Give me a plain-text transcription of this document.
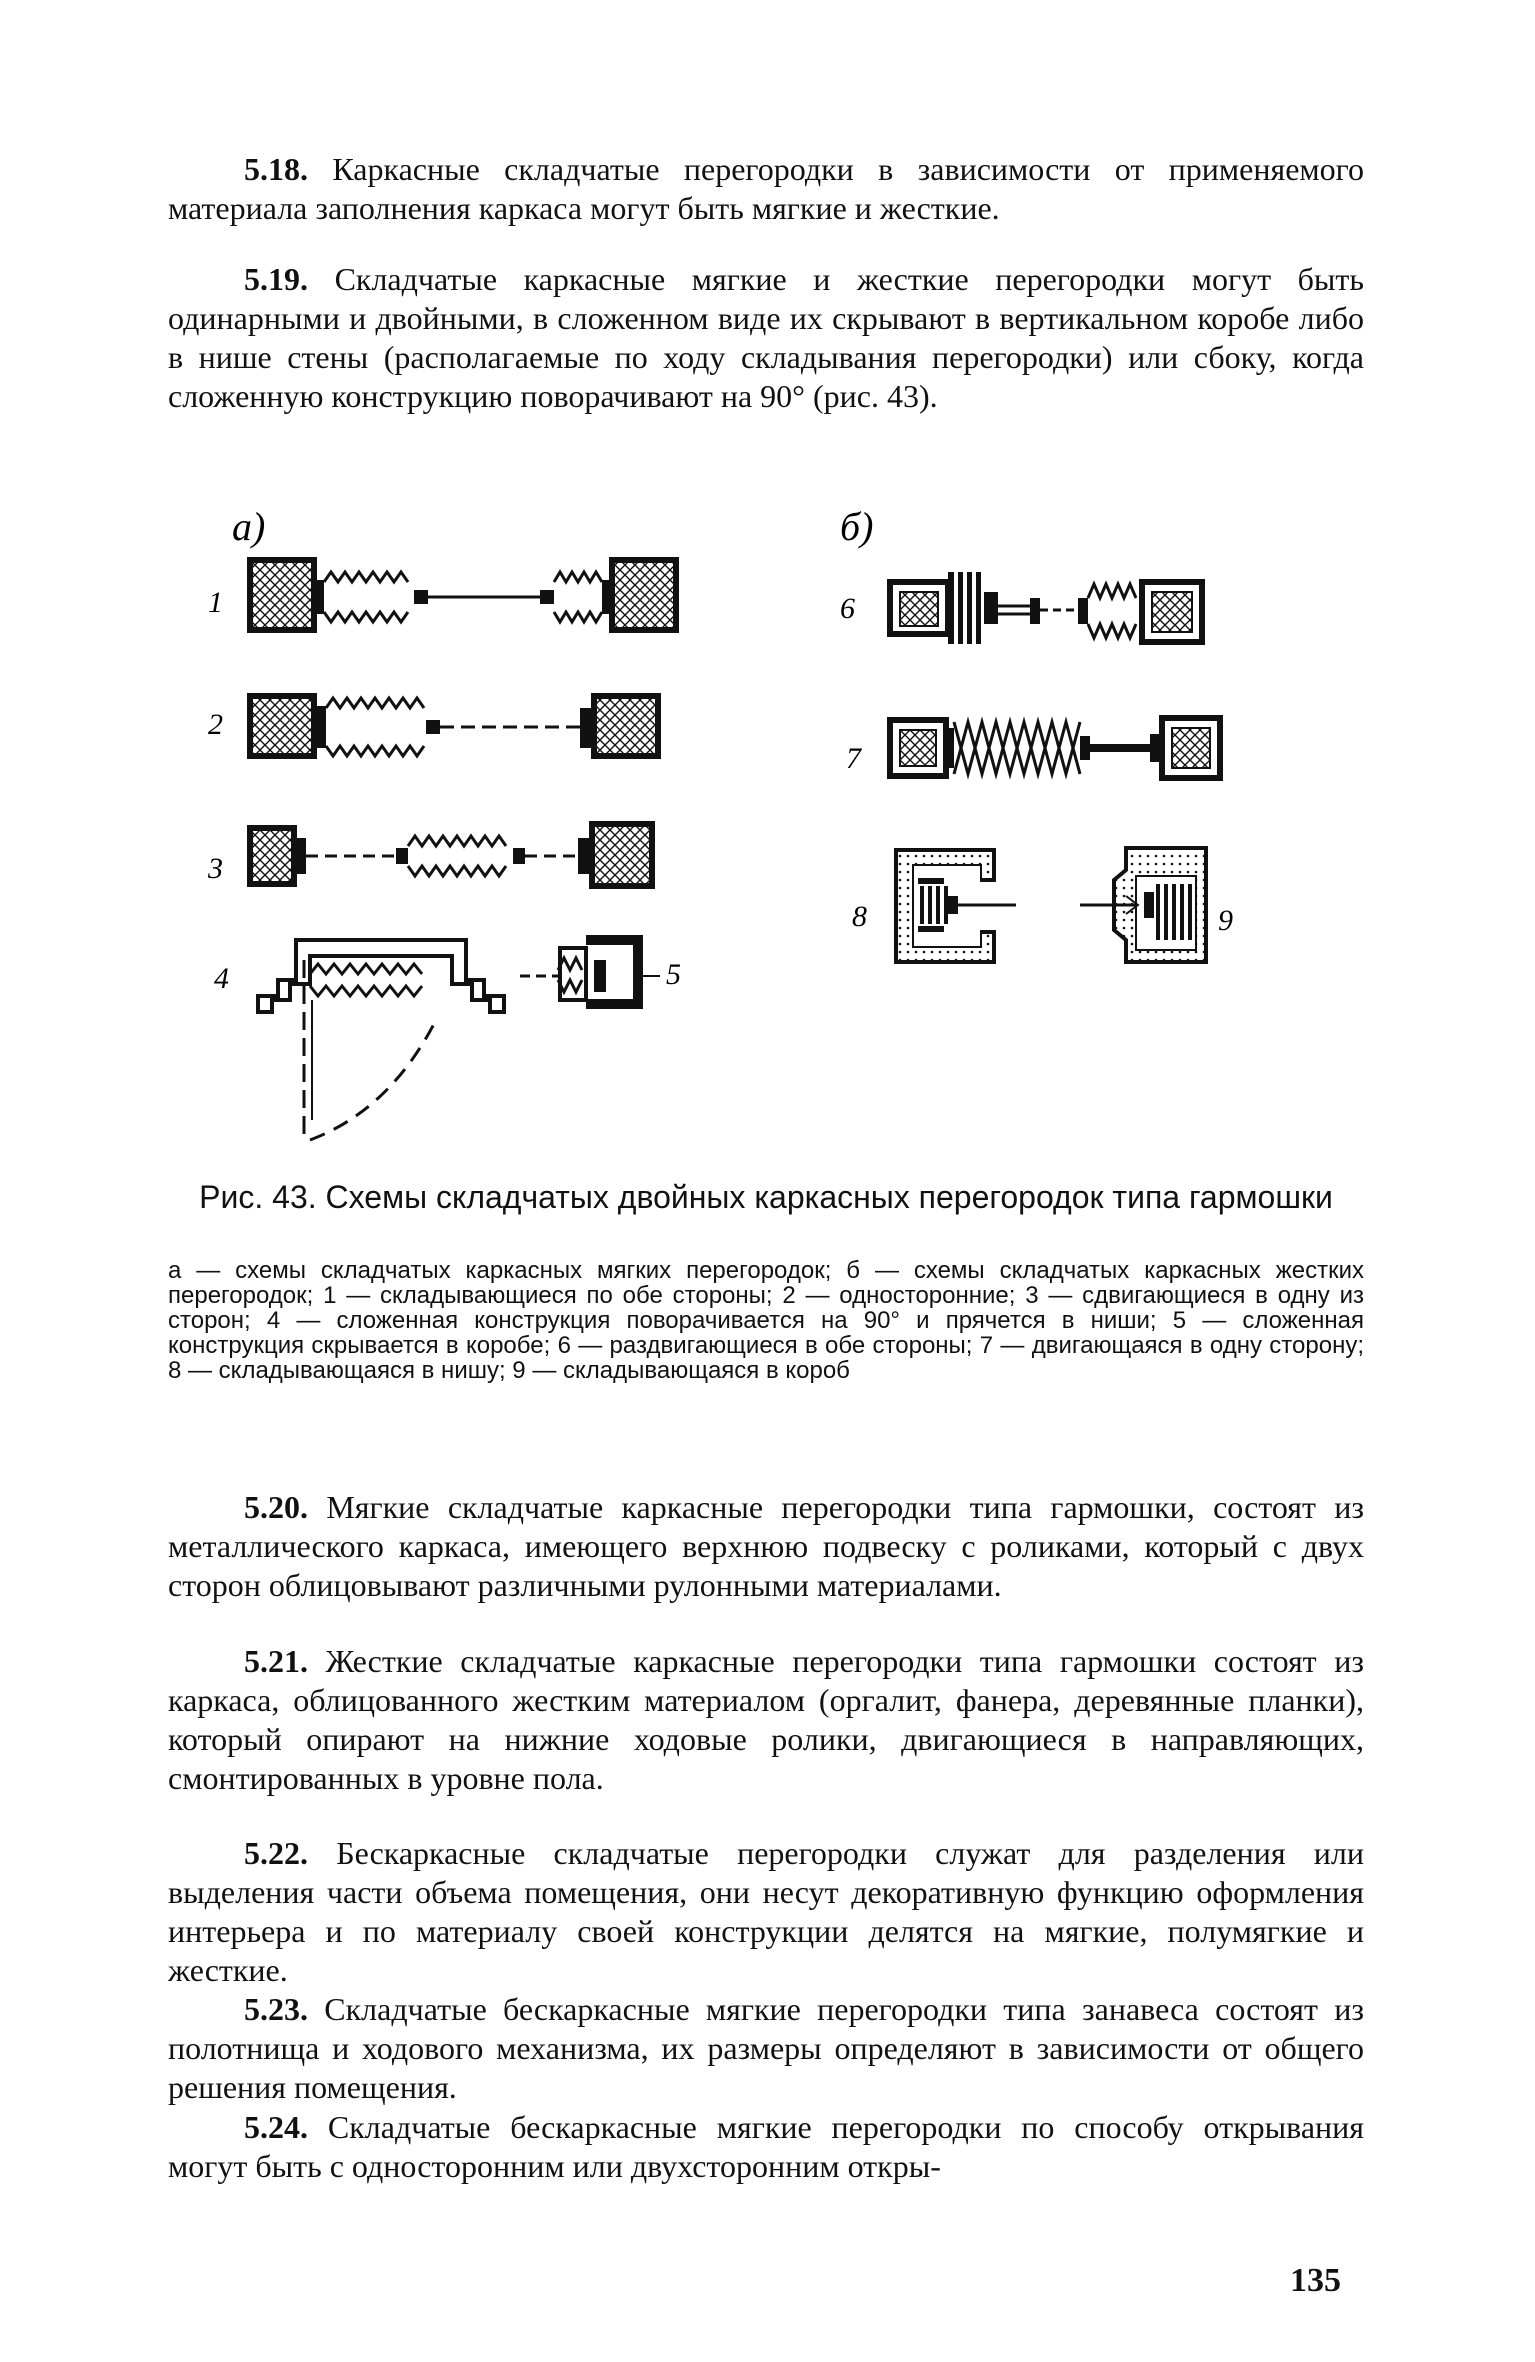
5.18. Каркасные складчатые перегородки в зависимости от применяемого материала заполнения каркаса могут быть мягкие и жесткие.

5.19. Складчатые каркасные мягкие и жесткие перегородки могут быть одинарными и двойными, в сложенном виде их скрывают в вертикальном коробе либо в нише стены (располагаемые по ходу складывания перегородки) или сбоку, когда сложенную конструкцию поворачивают на 90° (рис. 43).

a)	б)
1
2
3
4	5
6
7
8	9

Рис. 43. Схемы складчатых двойных каркасных перегородок типа гармошки

а — схемы складчатых каркасных мягких перегородок; б — схемы складчатых каркасных жестких перегородок; 1 — складывающиеся по обе стороны; 2 — односторонние; 3 — сдвигающиеся в одну из сторон; 4 — сложенная конструкция поворачивается на 90° и прячется в ниши; 5 — сложенная конструкция скрывается в коробе; 6 — раздвигающиеся в обе стороны; 7 — двигающаяся в одну сторону; 8 — складывающаяся в нишу; 9 — складывающаяся в короб

5.20. Мягкие складчатые каркасные перегородки типа гармошки, состоят из металлического каркаса, имеющего верхнюю подвеску с роликами, который с двух сторон облицовывают различными рулонными материалами.

5.21. Жесткие складчатые каркасные перегородки типа гармошки состоят из каркаса, облицованного жестким материалом (оргалит, фанера, деревянные планки), который опирают на нижние ходовые ролики, двигающиеся в направляющих, смонтированных в уровне пола.

5.22. Бескаркасные складчатые перегородки служат для разделения или выделения части объема помещения, они несут декоративную функцию оформления интерьера и по материалу своей конструкции делятся на мягкие, полумягкие и жесткие.

5.23. Складчатые бескаркасные мягкие перегородки типа занавеса состоят из полотнища и ходового механизма, их размеры определяют в зависимости от общего решения помещения.

5.24. Складчатые бескаркасные мягкие перегородки по способу открывания могут быть с односторонним или двухсторонним откры-

135
